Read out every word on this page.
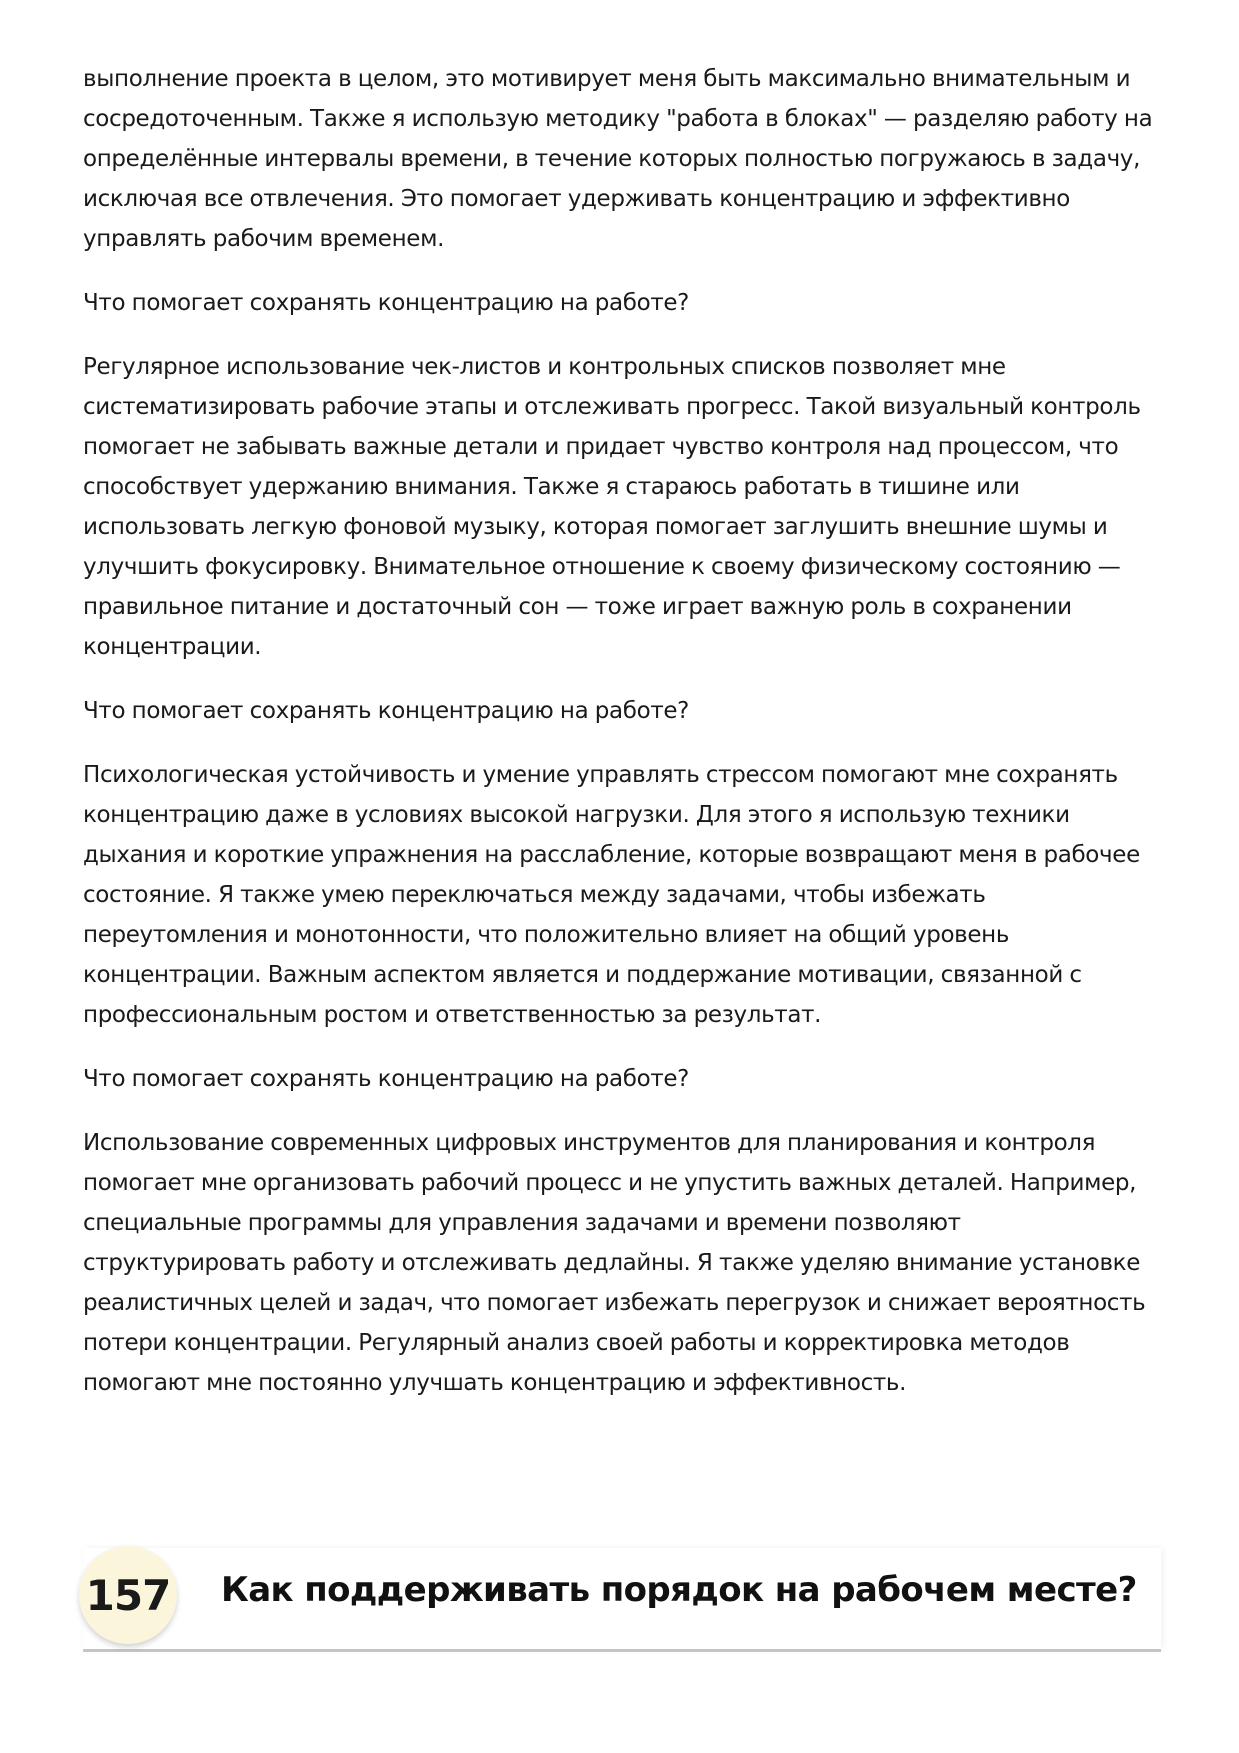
выполнение проекта в целом, это мотивирует меня быть максимально внимательным и сосредоточенным. Также я использую методику "работа в блоках" — разделяю работу на определённые интервалы времени, в течение которых полностью погружаюсь в задачу, исключая все отвлечения. Это помогает удерживать концентрацию и эффективно управлять рабочим временем.

Что помогает сохранять концентрацию на работе?

Регулярное использование чек-листов и контрольных списков позволяет мне систематизировать рабочие этапы и отслеживать прогресс. Такой визуальный контроль помогает не забывать важные детали и придает чувство контроля над процессом, что способствует удержанию внимания. Также я стараюсь работать в тишине или использовать легкую фоновой музыку, которая помогает заглушить внешние шумы и улучшить фокусировку. Внимательное отношение к своему физическому состоянию — правильное питание и достаточный сон — тоже играет важную роль в сохранении концентрации.

Что помогает сохранять концентрацию на работе?

Психологическая устойчивость и умение управлять стрессом помогают мне сохранять концентрацию даже в условиях высокой нагрузки. Для этого я использую техники дыхания и короткие упражнения на расслабление, которые возвращают меня в рабочее состояние. Я также умею переключаться между задачами, чтобы избежать переутомления и монотонности, что положительно влияет на общий уровень концентрации. Важным аспектом является и поддержание мотивации, связанной с профессиональным ростом и ответственностью за результат.

Что помогает сохранять концентрацию на работе?

Использование современных цифровых инструментов для планирования и контроля помогает мне организовать рабочий процесс и не упустить важных деталей. Например, специальные программы для управления задачами и времени позволяют структурировать работу и отслеживать дедлайны. Я также уделяю внимание установке реалистичных целей и задач, что помогает избежать перегрузок и снижает вероятность потери концентрации. Регулярный анализ своей работы и корректировка методов помогают мне постоянно улучшать концентрацию и эффективность.

157 Как поддерживать порядок на рабочем месте?
